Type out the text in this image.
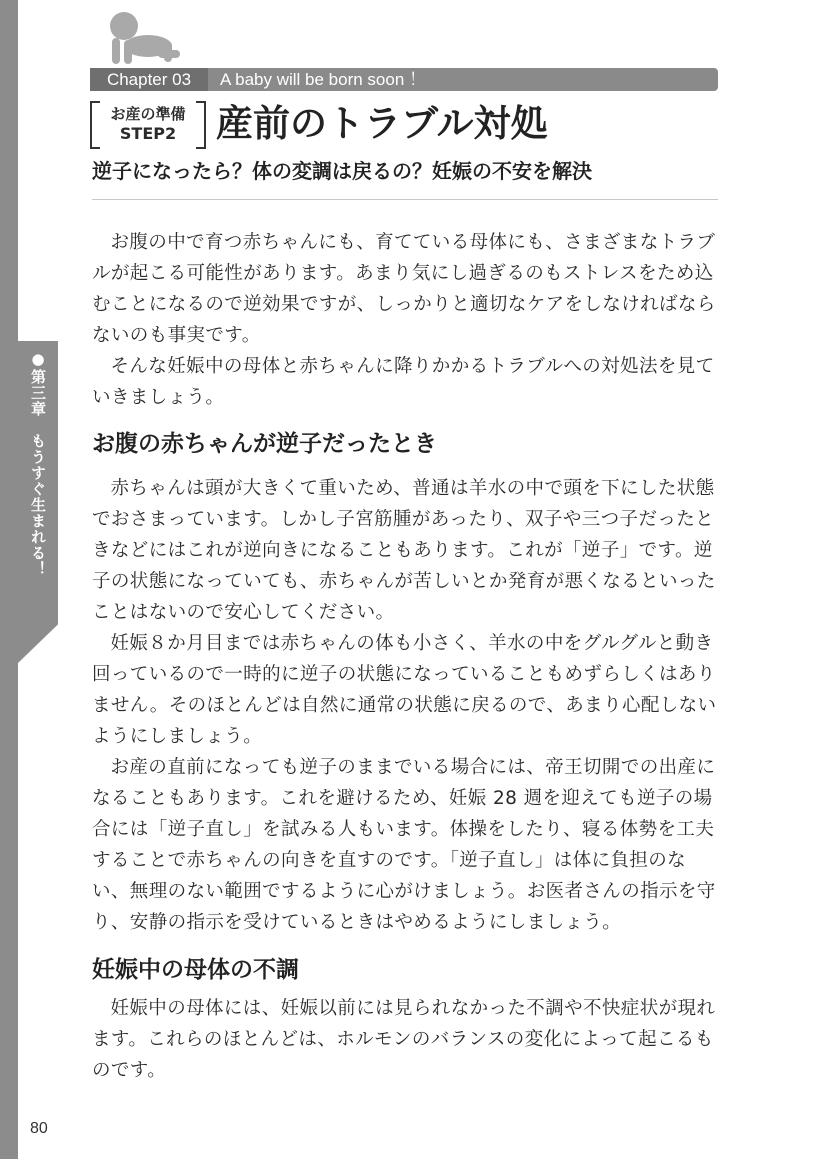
●第三章　もうすぐ生まれる！
Chapter 03	A baby will be born soon ！
お産の準備
STEP2	産前のトラブル対処
逆子になったら？体の変調は戻るの？妊娠の不安を解決

お腹の中で育つ赤ちゃんにも、育てている母体にも、さまざまなトラブルが起こる可能性があります。あまり気にし過ぎるのもストレスをため込むことになるので逆効果ですが、しっかりと適切なケアをしなければならないのも事実です。

そんな妊娠中の母体と赤ちゃんに降りかかるトラブルへの対処法を見ていきましょう。

お腹の赤ちゃんが逆子だったとき

赤ちゃんは頭が大きくて重いため、普通は羊水の中で頭を下にした状態でおさまっています。しかし子宮筋腫があったり、双子や三つ子だったときなどにはこれが逆向きになることもあります。これが「逆子」です。逆子の状態になっていても、赤ちゃんが苦しいとか発育が悪くなるといったことはないので安心してください。

妊娠８か月目までは赤ちゃんの体も小さく、羊水の中をグルグルと動き回っているので一時的に逆子の状態になっていることもめずらしくはありません。そのほとんどは自然に通常の状態に戻るので、あまり心配しないようにしましょう。

お産の直前になっても逆子のままでいる場合には、帝王切開での出産になることもあります。これを避けるため、妊娠 28 週を迎えても逆子の場合には「逆子直し」を試みる人もいます。体操をしたり、寝る体勢を工夫することで赤ちゃんの向きを直すのです。「逆子直し」は体に負担のない、無理のない範囲でするように心がけましょう。お医者さんの指示を守り、安静の指示を受けているときはやめるようにしましょう。

妊娠中の母体の不調

妊娠中の母体には、妊娠以前には見られなかった不調や不快症状が現れます。これらのほとんどは、ホルモンのバランスの変化によって起こるものです。

80
